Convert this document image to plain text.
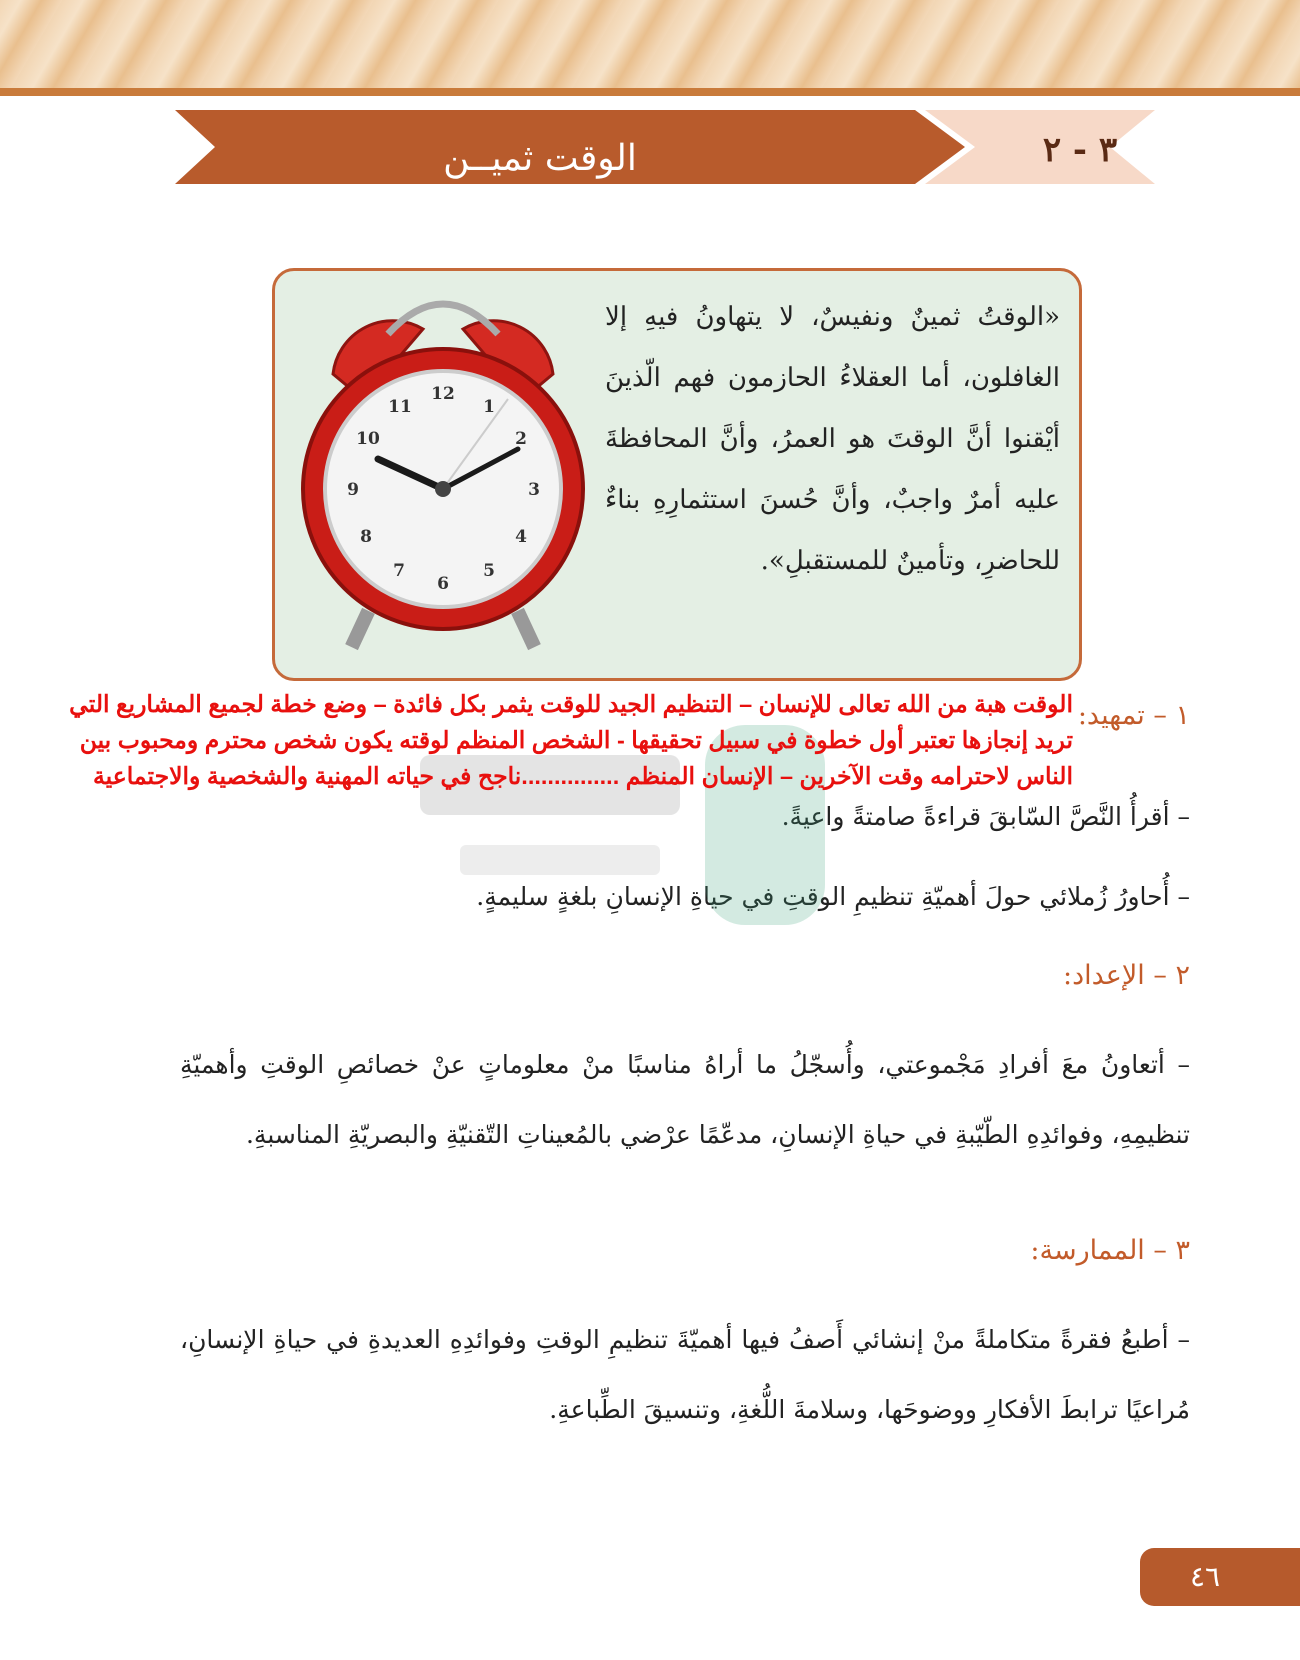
٣ - ٢
الوقت ثميــن
«الوقتُ ثمينٌ ونفيسٌ، لا يتهاونُ فيهِ إلا الغافلون، أما العقلاءُ الحازمون فهم الّذينَ أيْقنوا أنَّ الوقتَ هو العمرُ، وأنَّ المحافظةَ عليه أمرٌ واجبٌ، وأنَّ حُسنَ استثمارِهِ بناءٌ للحاضرِ، وتأمينٌ للمستقبلِ».
12
1
2
3
4
5
6
7
8
9
10
11
الوقت هبة من الله تعالى للإنسان – التنظيم الجيد للوقت يثمر بكل فائدة – وضع خطة لجميع المشاريع التي تريد إنجازها تعتبر أول خطوة في سبيل تحقيقها - الشخص المنظم لوقته يكون شخص محترم ومحبوب بين الناس لاحترامه وقت الآخرين – الإنسان المنظم ...............ناجح في حياته المهنية والشخصية والاجتماعية
١ – تمهيد:
– أقرأُ النَّصَّ السّابقَ قراءةً صامتةً واعيةً.
– أُحاورُ زُملائي حولَ أهميّةِ تنظيمِ الوقتِ في حياةِ الإنسانِ بلغةٍ سليمةٍ.
٢ – الإعداد:
– أتعاونُ معَ أفرادِ مَجْموعتي، وأُسجّلُ ما أراهُ مناسبًا منْ معلوماتٍ عنْ خصائصِ الوقتِ وأهميّةِ تنظيمِهِ، وفوائدِهِ الطّيّبةِ في حياةِ الإنسانِ، مدعّمًا عرْضي بالمُعيناتِ التّقنيّةِ والبصريّةِ المناسبةِ.
٣ – الممارسة:
– أطبعُ فقرةً متكاملةً منْ إنشائي أَصفُ فيها أهميّةَ تنظيمِ الوقتِ وفوائدِهِ العديدةِ في حياةِ الإنسانِ، مُراعيًا ترابطَ الأفكارِ ووضوحَها، وسلامةَ اللُّغةِ، وتنسيقَ الطِّباعةِ.
٤٦
